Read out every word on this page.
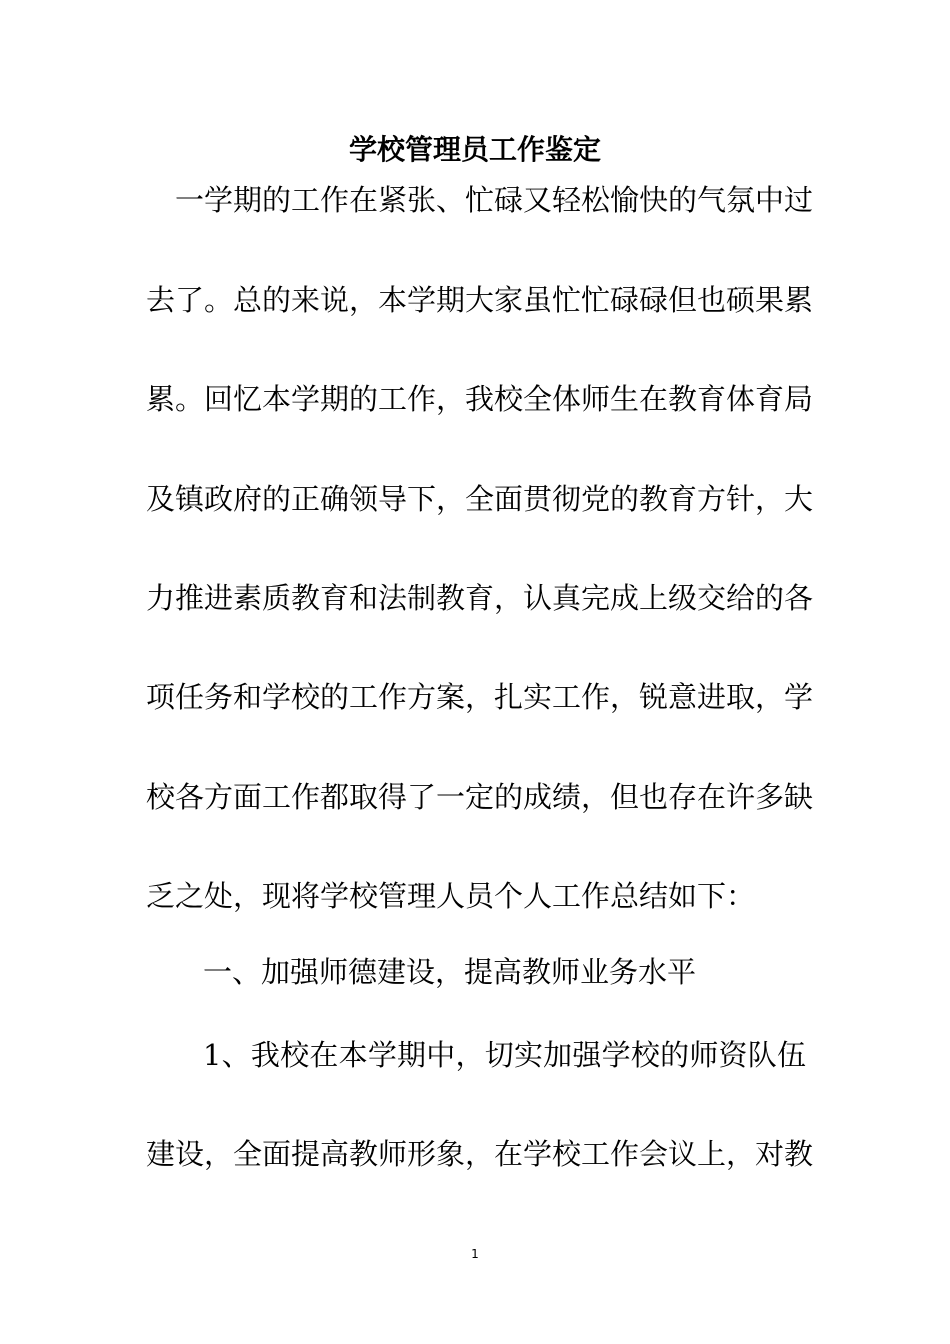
学校管理员工作鉴定
一学期的工作在紧张、忙碌又轻松愉快的气氛中过
去了。总的来说，本学期大家虽忙忙碌碌但也硕果累
累。回忆本学期的工作，我校全体师生在教育体育局
及镇政府的正确领导下，全面贯彻党的教育方针，大
力推进素质教育和法制教育，认真完成上级交给的各
项任务和学校的工作方案，扎实工作，锐意进取，学
校各方面工作都取得了一定的成绩，但也存在许多缺
乏之处，现将学校管理人员个人工作总结如下：
一、加强师德建设，提高教师业务水平
1、我校在本学期中，切实加强学校的师资队伍
建设，全面提高教师形象，在学校工作会议上，对教
1
